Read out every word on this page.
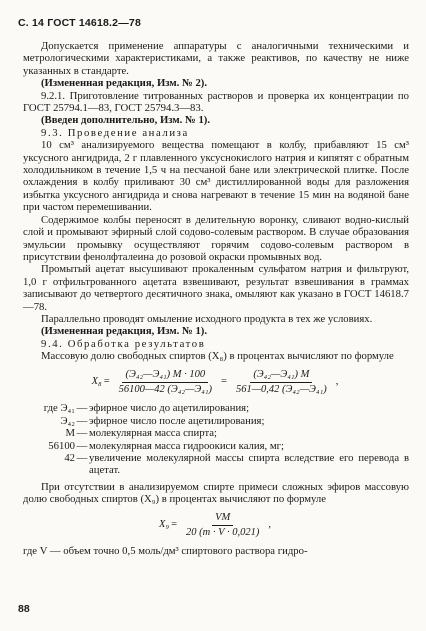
С. 14 ГОСТ 14618.2—78

Допускается применение аппаратуры с аналогичными техническими и метрологическими характеристиками, а также реактивов, по качеству не ниже указанных в стандарте.

(Измененная редакция, Изм. № 2).

9.2.1. Приготовление титрованных растворов и проверка их концентрации по ГОСТ 25794.1—83, ГОСТ 25794.3—83.

(Введен дополнительно, Изм. № 1).

9.3. Проведение анализа

10 см³ анализируемого вещества помещают в колбу, прибавляют 15 см³ уксусного ангидрида, 2 г плавленного уксуснокислого натрия и кипятят с обратным холодильником в течение 1,5 ч на песчаной бане или электрической плитке. После охлаждения в колбу приливают 30 см³ дистиллированной воды для разложения избытка уксусного ангидрида и снова нагревают в течение 15 мин на водяной бане при частом перемешивании.

Содержимое колбы переносят в делительную воронку, сливают водно-кислый слой и промывают эфирный слой содово-солевым раствором. В случае образования эмульсии промывку осуществляют горячим содово-солевым раствором в присутствии фенолфталеина до розовой окраски промывных вод.

Промытый ацетат высушивают прокаленным сульфатом натрия и фильтруют, 1,0 г отфильтрованного ацетата взвешивают, результат взвешивания в граммах записывают до четвертого десятичного знака, омыляют как указано в ГОСТ 14618.7—78.

Параллельно проводят омыление исходного продукта в тех же условиях.

(Измененная редакция, Изм. № 1).

9.4. Обработка результатов

Массовую долю свободных спиртов (X₈) в процентах вычисляют по формуле

$X_8 = \frac{\text{(Э₄₂—Э₄₁) M · 100}}{\text{56100—42 (Э₄₂—Э₄₁)}} = \frac{\text{(Э₄₂—Э₄₁) M}}{\text{561—0,42 (Э₄₂—Э₄₁)}}$ ,
где Э₄₁	—	эфирное число до ацетилирования;
Э₄₂	—	эфирное число после ацетилирования;
M	—	молекулярная масса спирта;
56100	—	молекулярная масса гидроокиси калия, мг;
42	—	увеличение молекулярной массы спирта вследствие его перевода в ацетат.

При отсутствии в анализируемом спирте примеси сложных эфиров массовую долю свободных спиртов (X₉) в процентах вычисляют по формуле

$X_9 = \frac{VM}{20 (m \cdot V \cdot 0,021)}$ ,

где V — объем точно 0,5 моль/дм³ спиртового раствора гидро-

88
